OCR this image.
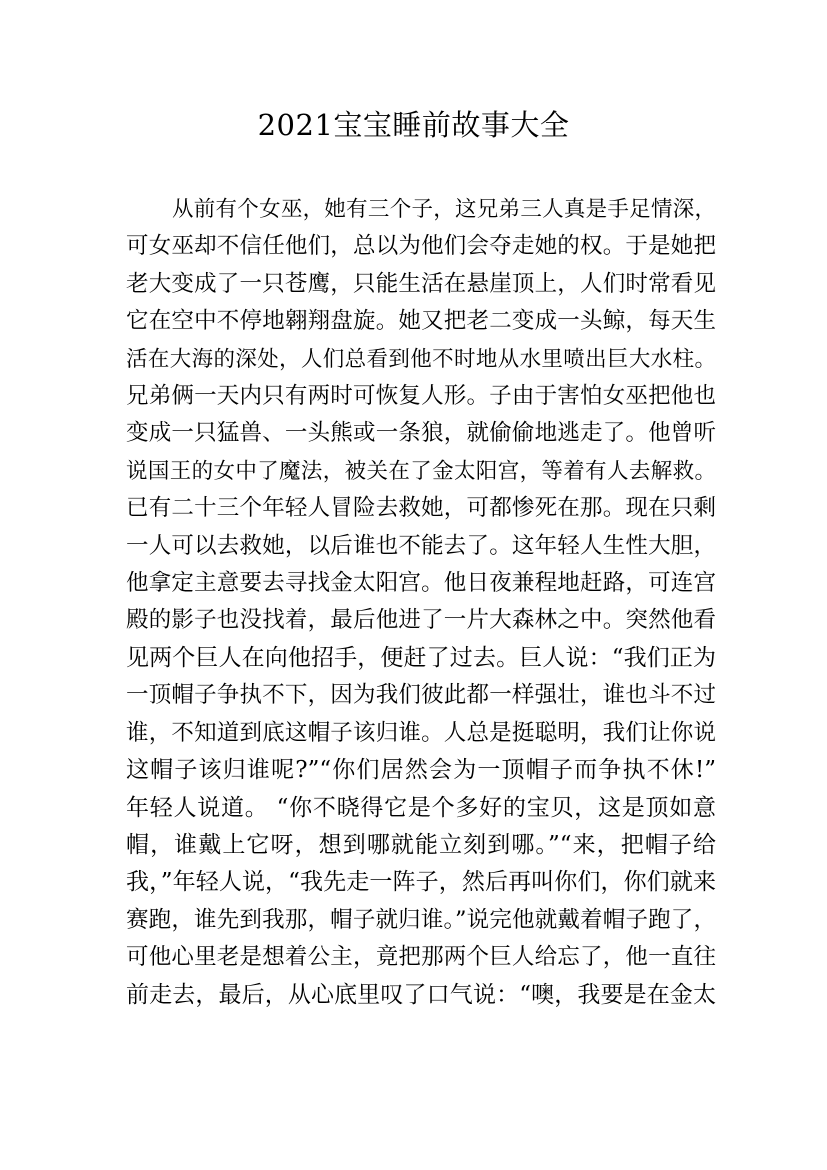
2021宝宝睡前故事大全
从前有个女巫，她有三个子，这兄弟三人真是手足情深，
可女巫却不信任他们，总以为他们会夺走她的权。于是她把
老大变成了一只苍鹰，只能生活在悬崖顶上，人们时常看见
它在空中不停地翱翔盘旋。她又把老二变成一头鲸，每天生
活在大海的深处，人们总看到他不时地从水里喷出巨大水柱。
兄弟俩一天内只有两时可恢复人形。子由于害怕女巫把他也
变成一只猛兽、一头熊或一条狼，就偷偷地逃走了。他曾听
说国王的女中了魔法，被关在了金太阳宫，等着有人去解救。
已有二十三个年轻人冒险去救她，可都惨死在那。现在只剩
一人可以去救她，以后谁也不能去了。这年轻人生性大胆，
他拿定主意要去寻找金太阳宫。他日夜兼程地赶路，可连宫
殿的影子也没找着，最后他进了一片大森林之中。突然他看
见两个巨人在向他招手，便赶了过去。巨人说：“我们正为
一顶帽子争执不下，因为我们彼此都一样强壮，谁也斗不过
谁，不知道到底这帽子该归谁。人总是挺聪明，我们让你说
这帽子该归谁呢?”“你们居然会为一顶帽子而争执不休!”
年轻人说道。 “你不晓得它是个多好的宝贝，这是顶如意
帽，谁戴上它呀，想到哪就能立刻到哪。”“来，把帽子给
我，”年轻人说，“我先走一阵子，然后再叫你们，你们就来
赛跑，谁先到我那，帽子就归谁。”说完他就戴着帽子跑了，
可他心里老是想着公主，竟把那两个巨人给忘了，他一直往
前走去，最后，从心底里叹了口气说：“噢，我要是在金太
